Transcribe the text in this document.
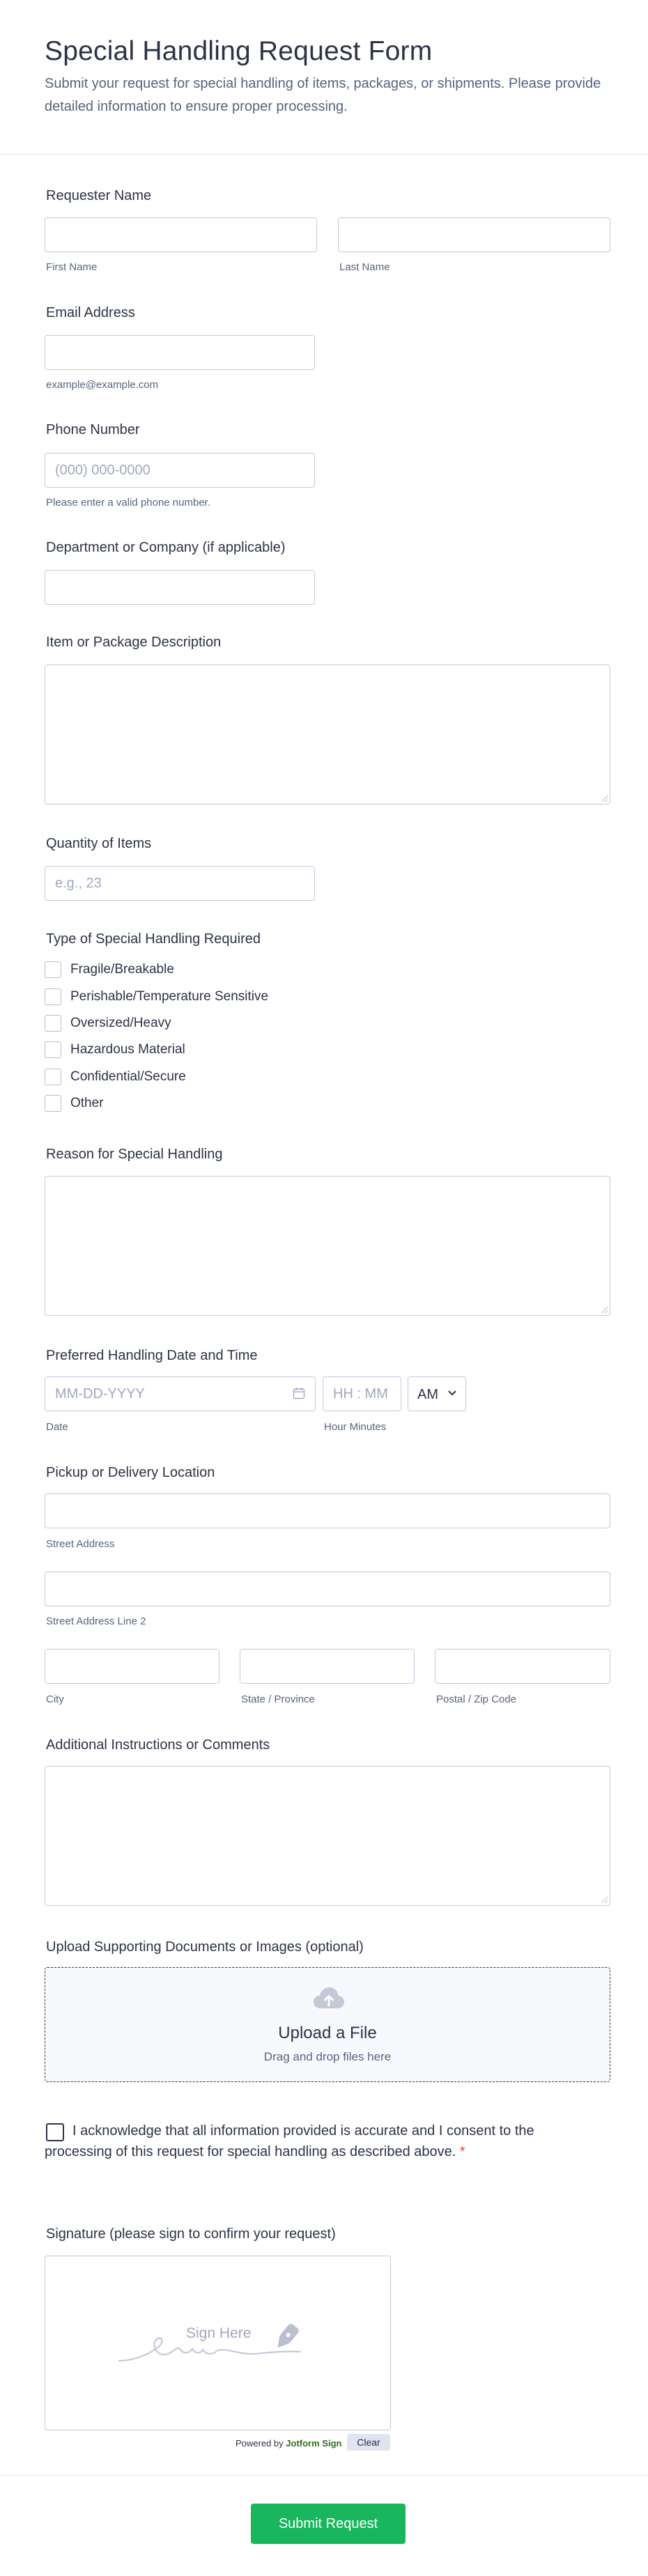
Special Handling Request Form

Submit your request for special handling of items, packages, or shipments. Please provide detailed information to ensure proper processing.

Requester Name
First Name	Last Name
Email Address
example@example.com
Phone Number
(000) 000-0000
Please enter a valid phone number.
Department or Company (if applicable)
Item or Package Description
Quantity of Items
e.g., 23
Type of Special Handling Required
Fragile/Breakable
Perishable/Temperature Sensitive
Oversized/Heavy
Hazardous Material
Confidential/Secure
Other
Reason for Special Handling
Preferred Handling Date and Time
MM-DD-YYYY
HH : MM
AM
Date	Hour Minutes
Pickup or Delivery Location
Street Address
Street Address Line 2
City	State / Province	Postal / Zip Code
Additional Instructions or Comments
Upload Supporting Documents or Images (optional)
Upload a File
Drag and drop files here
I acknowledge that all information provided is accurate and I consent to the processing of this request for special handling as described above. *
Signature (please sign to confirm your request)
Sign Here
Powered by Jotform Sign	Clear
Submit Request
